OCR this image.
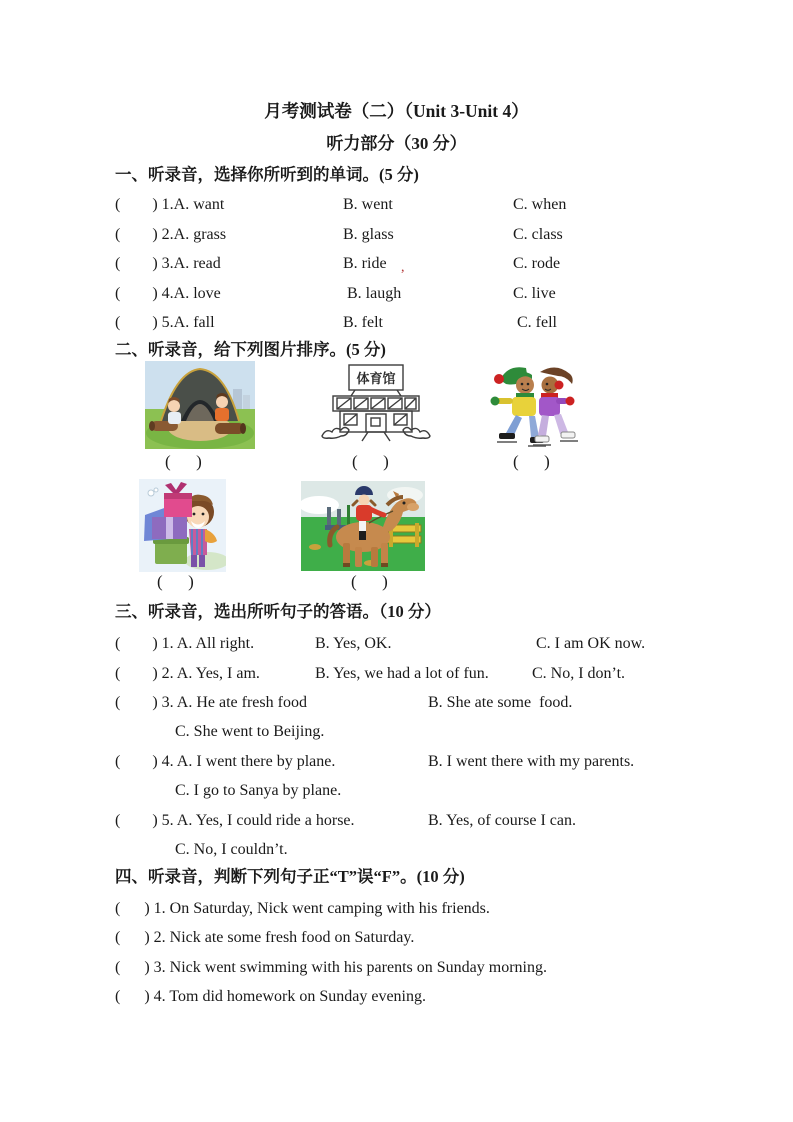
月考测试卷（二）（Unit 3-Unit 4）
听力部分（30 分）
一、听录音，选择你所听到的单词。(5 分)
(        ) 1.A. want	B. went	C. when
(        ) 2.A. grass	B. glass	C. class
(        ) 3.A. read	B. ride ,	C. rode
(        ) 4.A. love	B. laugh	C. live
(        ) 5.A. fall	B. felt	C. fell
二、听录音，给下列图片排序。(5 分)
体育馆
(      )	(      )	(      )
(      )	(      )
三、听录音，选出所听句子的答语。（10 分）
(        ) 1. A. All right.	B. Yes, OK.	C. I am OK now.
(        ) 2. A. Yes, I am.	B. Yes, we had a lot of fun.	C. No, I don’t.
(        ) 3. A. He ate fresh food	B. She ate some  food.
C. She went to Beijing.
(        ) 4. A. I went there by plane.	B. I went there with my parents.
C. I go to Sanya by plane.
(        ) 5. A. Yes, I could ride a horse.	B. Yes, of course I can.
C. No, I couldn’t.
四、听录音，判断下列句子正“T”误“F”。(10 分)
(      ) 1. On Saturday, Nick went camping with his friends.
(      ) 2. Nick ate some fresh food on Saturday.
(      ) 3. Nick went swimming with his parents on Sunday morning.
(      ) 4. Tom did homework on Sunday evening.
